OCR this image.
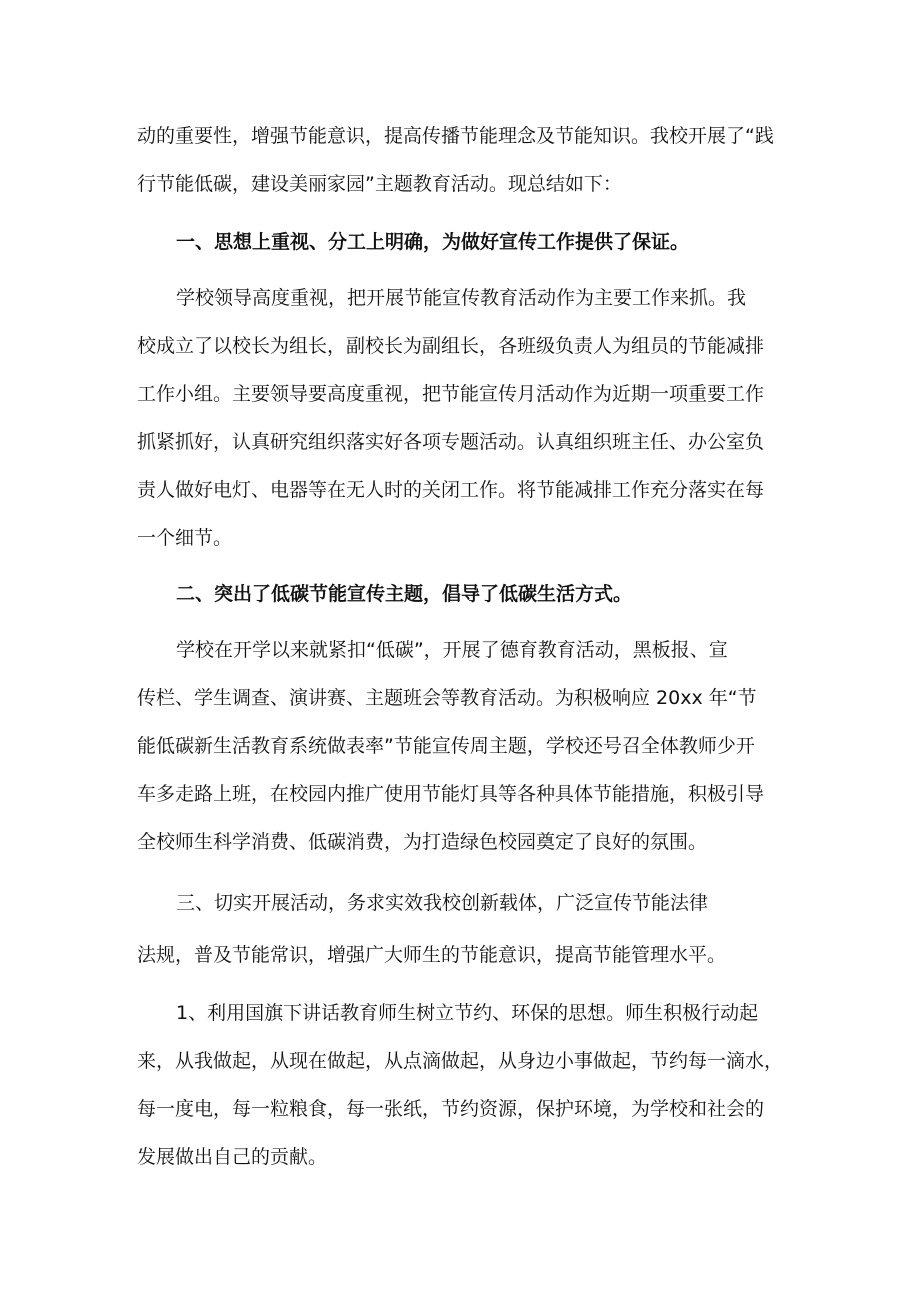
动的重要性，增强节能意识，提高传播节能理念及节能知识。我校开展了“践

行节能低碳，建设美丽家园”主题教育活动。现总结如下：

一、思想上重视、分工上明确，为做好宣传工作提供了保证。

学校领导高度重视，把开展节能宣传教育活动作为主要工作来抓。我

校成立了以校长为组长，副校长为副组长，各班级负责人为组员的节能减排

工作小组。主要领导要高度重视，把节能宣传月活动作为近期一项重要工作

抓紧抓好，认真研究组织落实好各项专题活动。认真组织班主任、办公室负

责人做好电灯、电器等在无人时的关闭工作。将节能减排工作充分落实在每

一个细节。

二、突出了低碳节能宣传主题，倡导了低碳生活方式。

学校在开学以来就紧扣“低碳”，开展了德育教育活动，黑板报、宣

传栏、学生调查、演讲赛、主题班会等教育活动。为积极响应 20xx 年“节

能低碳新生活教育系统做表率”节能宣传周主题，学校还号召全体教师少开

车多走路上班，在校园内推广使用节能灯具等各种具体节能措施，积极引导

全校师生科学消费、低碳消费，为打造绿色校园奠定了良好的氛围。

三、切实开展活动，务求实效我校创新载体，广泛宣传节能法律

法规，普及节能常识，增强广大师生的节能意识，提高节能管理水平。

1、利用国旗下讲话教育师生树立节约、环保的思想。师生积极行动起

来，从我做起，从现在做起，从点滴做起，从身边小事做起，节约每一滴水，

每一度电，每一粒粮食，每一张纸，节约资源，保护环境，为学校和社会的

发展做出自己的贡献。
